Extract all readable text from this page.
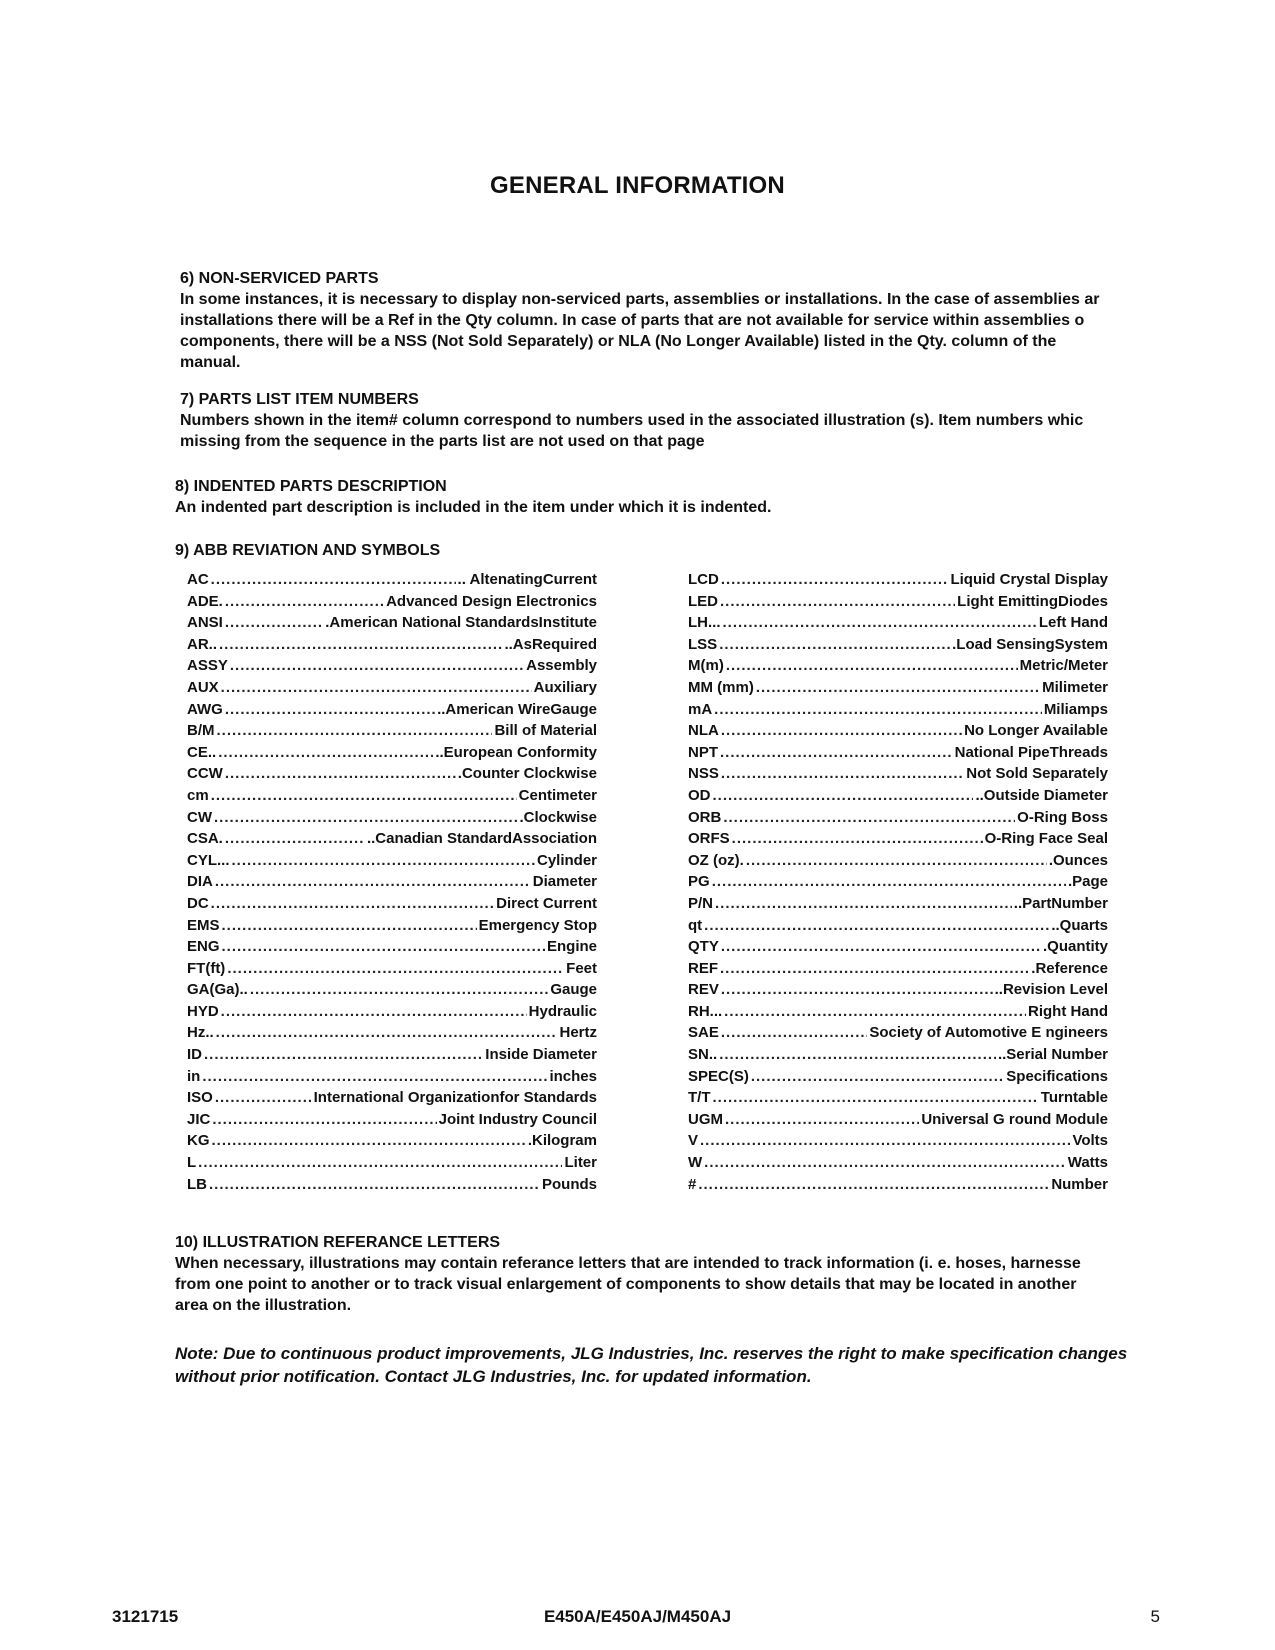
GENERAL INFORMATION

6) NON-SERVICED PARTS

In some instances, it is necessary to display non-serviced parts, assemblies or installations. In the case of assemblies ar
installations there will be a Ref in the Qty column. In case of parts that are not available for service within assemblies o
components, there will be a NSS (Not Sold Separately) or NLA (No Longer Available) listed in the Qty. column of the
manual.

7) PARTS LIST ITEM NUMBERS

Numbers shown in the item# column correspond to numbers used in the associated illustration (s). Item numbers whic
missing from the sequence in the parts list are not used on that page

8) INDENTED PARTS DESCRIPTION

An indented part description is included in the item under which it is indented.

9) ABB REVIATION AND SYMBOLS

AC .....	.. AltenatingCurrent
ADE. .....	Advanced Design Electronics
ANSI .....	.American National StandardsInstitute
AR.. .....	..AsRequired
ASSY .....	Assembly
AUX .....	Auxiliary
AWG .....	..American WireGauge
B/M .....	Bill of Material
CE.. .....	..European Conformity
CCW .....	.Counter Clockwise
cm .....	Centimeter
CW .....	.Clockwise
CSA. .....	..Canadian StandardAssociation
CYL... .....	Cylinder
DIA .....	Diameter
DC .....	Direct Current
EMS .....	Emergency Stop
ENG .....	Engine
FT(ft) .....	Feet
GA(Ga).. .....	Gauge
HYD .....	Hydraulic
Hz.. .....	Hertz
ID .....	Inside Diameter
in .....	inches
ISO .....	International Organizationfor Standards
JIC .....	Joint Industry Council
KG .....	.Kilogram
L .....	Liter
LB .....	Pounds
LCD .....	Liquid Crystal Display
LED .....	Light EmittingDiodes
LH... .....	Left Hand
LSS .....	.Load SensingSystem
M(m) .....	Metric/Meter
MM (mm) .....	Milimeter
mA .....	Miliamps
NLA .....	No Longer Available
NPT .....	National PipeThreads
NSS .....	Not Sold Separately
OD .....	..Outside Diameter
ORB .....	O-Ring Boss
ORFS .....	O-Ring Face Seal
OZ (oz). .....	.Ounces
PG .....	.Page
P/N .....	..PartNumber
qt .....	..Quarts
QTY .....	.Quantity
REF .....	.Reference
REV .....	..Revision Level
RH... .....	Right Hand
SAE .....	Society of Automotive E ngineers
SN.. .....	..Serial Number
SPEC(S) .....	Specifications
T/T .....	Turntable
UGM .....	Universal G round Module
V .....	Volts
W .....	Watts
# .....	Number

10) ILLUSTRATION REFERANCE LETTERS

When necessary, illustrations may contain referance letters that are intended to track information (i. e. hoses, harnesse
from one point to another or to track visual enlargement of components to show details that may be located in another
area on the illustration.

Note: Due to continuous product improvements, JLG Industries, Inc. reserves the right to make specification changes
without prior notification. Contact JLG Industries, Inc. for updated information.
3121715	E450A/E450AJ/M450AJ	5
